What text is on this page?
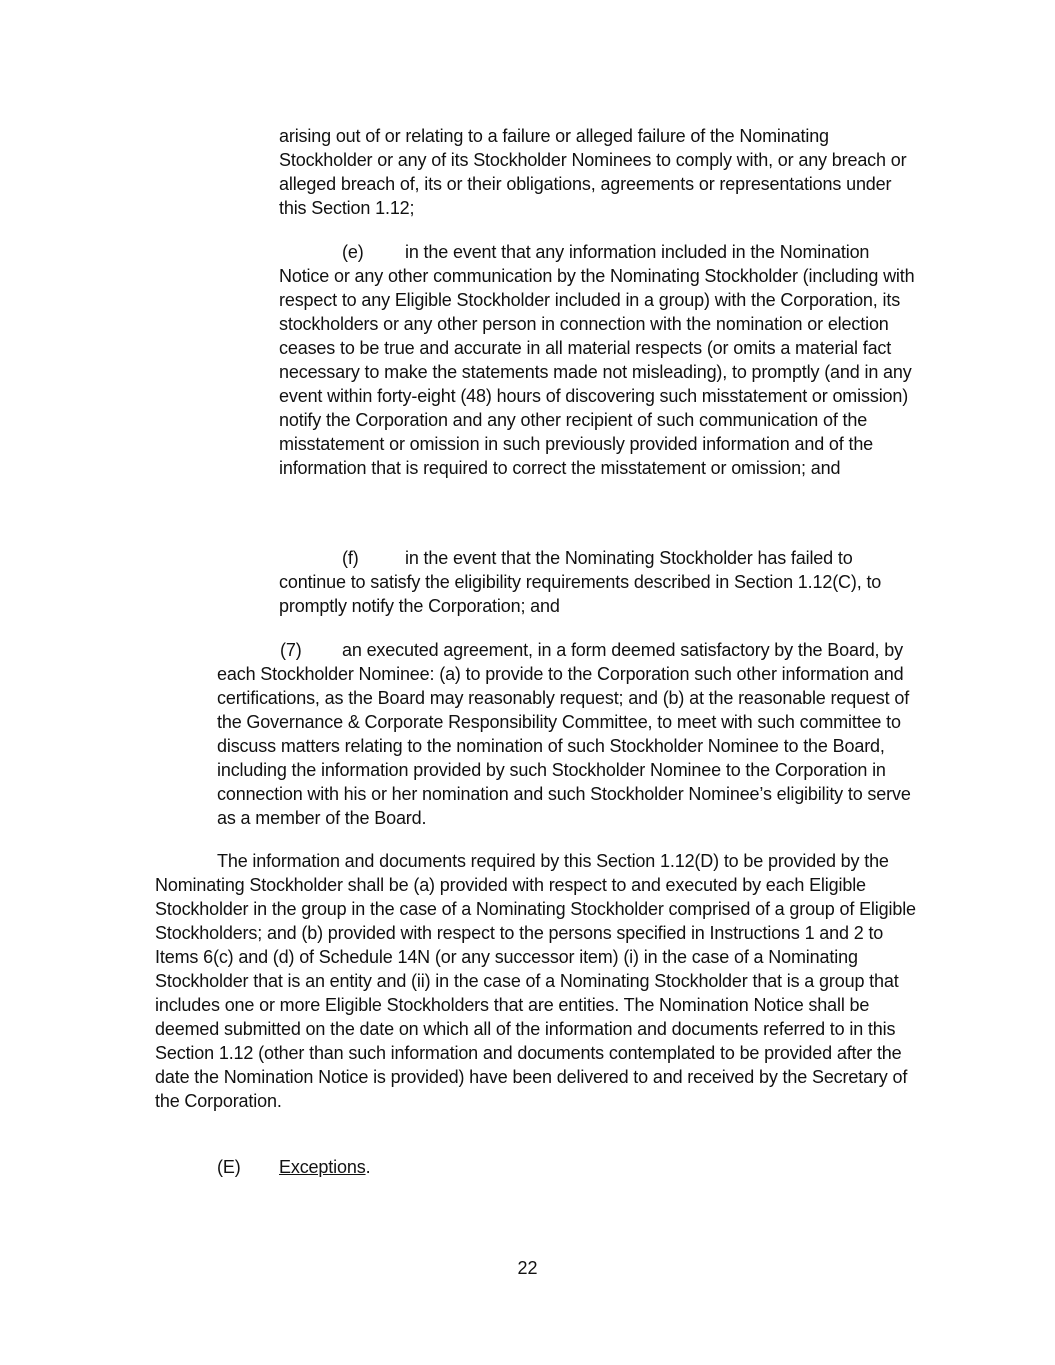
arising out of or relating to a failure or alleged failure of the Nominating Stockholder or any of its Stockholder Nominees to comply with, or any breach or alleged breach of, its or their obligations, agreements or representations under this Section 1.12;

(e) in the event that any information included in the Nomination Notice or any other communication by the Nominating Stockholder (including with respect to any Eligible Stockholder included in a group) with the Corporation, its stockholders or any other person in connection with the nomination or election ceases to be true and accurate in all material respects (or omits a material fact necessary to make the statements made not misleading), to promptly (and in any event within forty-eight (48) hours of discovering such misstatement or omission) notify the Corporation and any other recipient of such communication of the misstatement or omission in such previously provided information and of the information that is required to correct the misstatement or omission; and

(f)	in the event that the Nominating Stockholder has failed to continue to satisfy the eligibility requirements described in Section 1.12(C), to promptly notify the Corporation; and

(7) an executed agreement, in a form deemed satisfactory by the Board, by each Stockholder Nominee: (a) to provide to the Corporation such other information and certifications, as the Board may reasonably request; and (b) at the reasonable request of the Governance & Corporate Responsibility Committee, to meet with such committee to discuss matters relating to the nomination of such Stockholder Nominee to the Board, including the information provided by such Stockholder Nominee to the Corporation in connection with his or her nomination and such Stockholder Nominee’s eligibility to serve as a member of the Board.

The information and documents required by this Section 1.12(D) to be provided by the Nominating Stockholder shall be (a) provided with respect to and executed by each Eligible Stockholder in the group in the case of a Nominating Stockholder comprised of a group of Eligible Stockholders; and (b) provided with respect to the persons specified in Instructions 1 and 2 to Items 6(c) and (d) of Schedule 14N (or any successor item) (i) in the case of a Nominating Stockholder that is an entity and (ii) in the case of a Nominating Stockholder that is a group that includes one or more Eligible Stockholders that are entities. The Nomination Notice shall be deemed submitted on the date on which all of the information and documents referred to in this Section 1.12 (other than such information and documents contemplated to be provided after the date the Nomination Notice is provided) have been delivered to and received by the Secretary of the Corporation.

(E) Exceptions.

22
